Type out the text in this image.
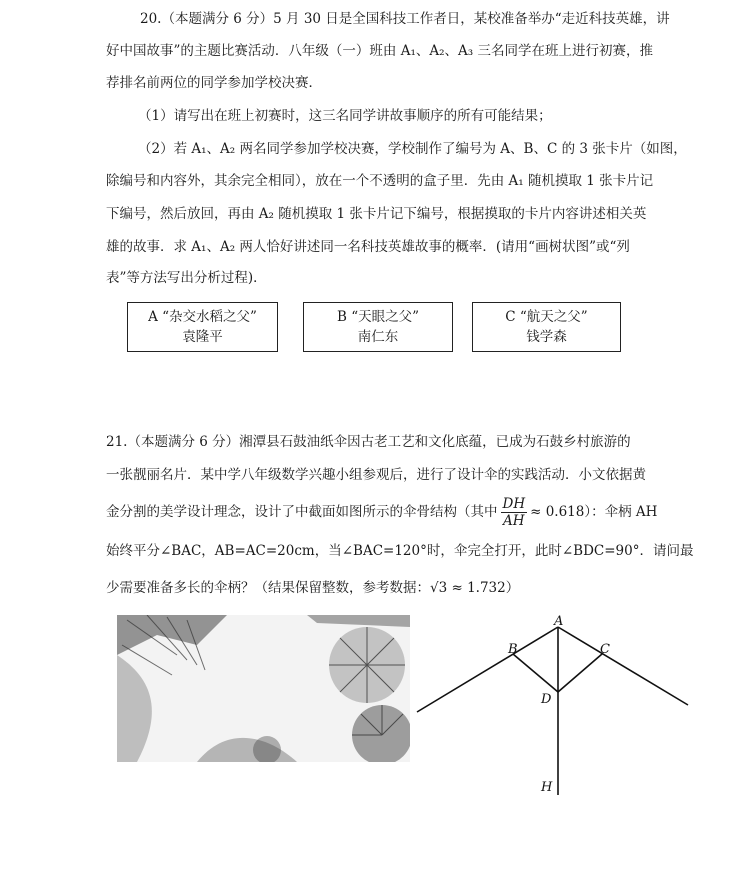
20.（本题满分 6 分）5 月 30 日是全国科技工作者日，某校准备举办“走近科技英雄，讲
好中国故事”的主题比赛活动．八年级（一）班由 A₁、A₂、A₃ 三名同学在班上进行初赛，推
荐排名前两位的同学参加学校决赛．
（1）请写出在班上初赛时，这三名同学讲故事顺序的所有可能结果；
（2）若 A₁、A₂ 两名同学参加学校决赛，学校制作了编号为 A、B、C 的 3 张卡片（如图，
除编号和内容外，其余完全相同），放在一个不透明的盒子里．先由 A₁ 随机摸取 1 张卡片记
下编号，然后放回，再由 A₂ 随机摸取 1 张卡片记下编号，根据摸取的卡片内容讲述相关英
雄的故事．求 A₁、A₂ 两人恰好讲述同一名科技英雄故事的概率．(请用“画树状图”或“列
表”等方法写出分析过程)．
A “杂交水稻之父”
袁隆平
B “天眼之父”
南仁东
C “航天之父”
钱学森
21.（本题满分 6 分）湘潭县石鼓油纸伞因古老工艺和文化底蕴，已成为石鼓乡村旅游的
一张靓丽名片．某中学八年级数学兴趣小组参观后，进行了设计伞的实践活动．小文依据黄
金分割的美学设计理念，设计了中截面如图所示的伞骨结构（其中 $\frac{DH}{AH} \approx 0.618$）：伞柄 AH
始终平分∠BAC，AB=AC=20cm，当∠BAC=120°时，伞完全打开，此时∠BDC=90°．请问最
少需要准备多长的伞柄？（结果保留整数，参考数据：√3 ≈ 1.732）
A
B	C
D
H
